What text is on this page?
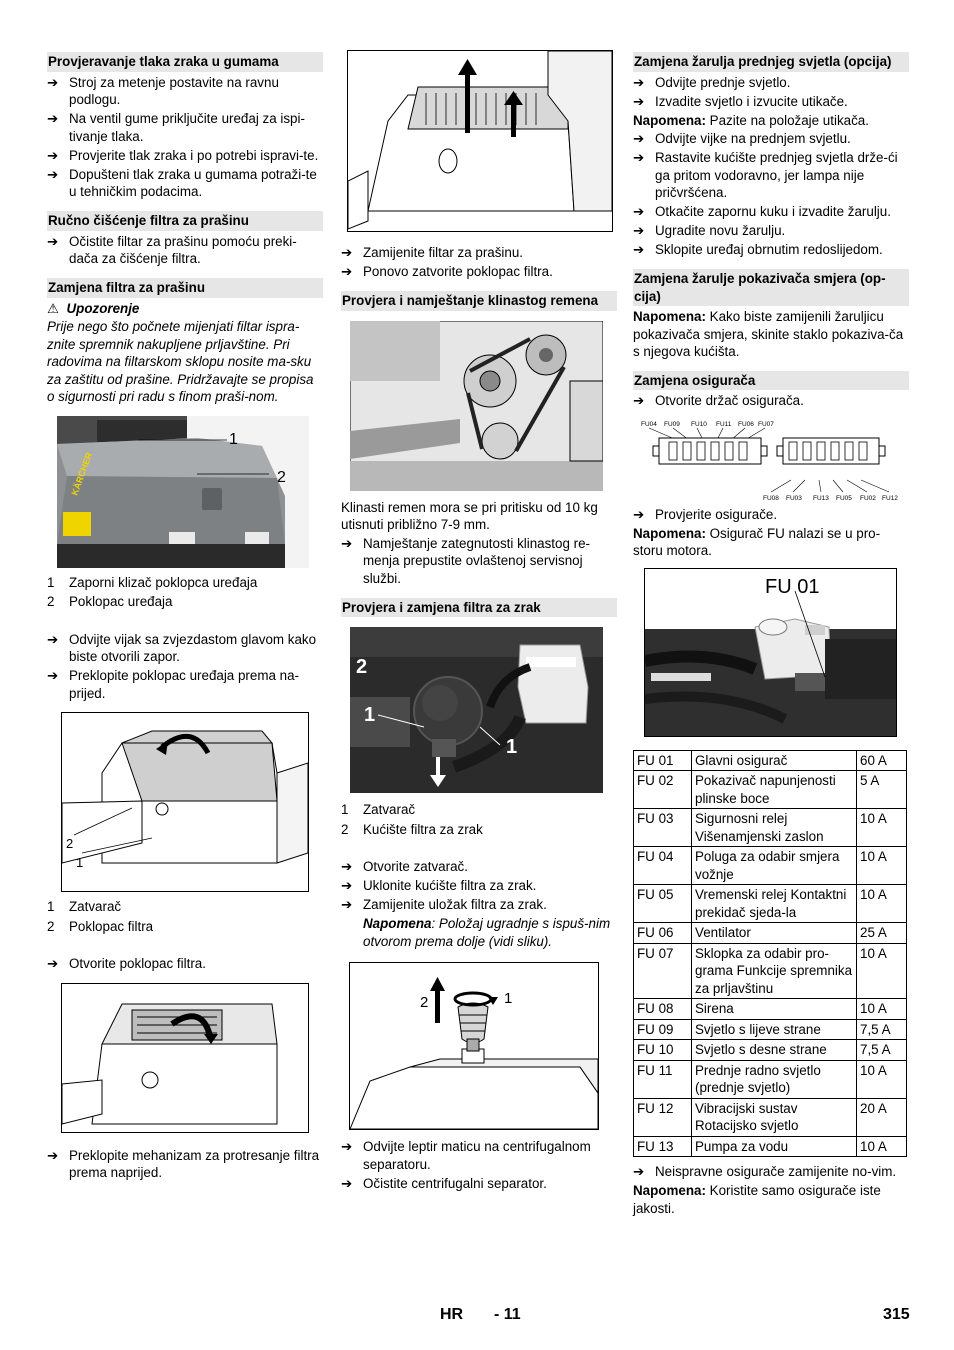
Provjeravanje tlaka zraka u gumama
➔ Stroj za metenje postavite na ravnu podlogu.
➔ Na ventil gume priključite uređaj za ispi-tivanje tlaka.
➔ Provjerite tlak zraka i po potrebi ispravi-te.
➔ Dopušteni tlak zraka u gumama potraži-te u tehničkim podacima.
Ručno čišćenje filtra za prašinu
➔ Očistite filtar za prašinu pomoću preki-dača za čišćenje filtra.
Zamjena filtra za prašinu
⚠ Upozorenje
Prije nego što počnete mijenjati filtar ispra-znite spremnik nakupljene prljavštine. Pri radovima na filtarskom sklopu nosite ma-sku za zaštitu od prašine. Pridržavajte se propisa o sigurnosti pri radu s finom praši-nom.
KÄRCHER
1
2
1 Zaporni klizač poklopca uređaja
2 Poklopac uređaja
➔ Odvijte vijak sa zvjezdastom glavom kako biste otvorili zapor.
➔ Preklopite poklopac uređaja prema na-prijed.
2
1
1 Zatvarač
2 Poklopac filtra
➔ Otvorite poklopac filtra.
➔ Preklopite mehanizam za protresanje filtra prema naprijed.
➔ Zamijenite filtar za prašinu.
➔ Ponovo zatvorite poklopac filtra.
Provjera i namještanje klinastog remena
Klinasti remen mora se pri pritisku od 10 kg utisnuti približno 7-9 mm.
➔ Namještanje zategnutosti klinastog re-menja prepustite ovlaštenoj servisnoj službi.
Provjera i zamjena filtra za zrak
2
1
1
1 Zatvarač
2 Kućište filtra za zrak
➔ Otvorite zatvarač.
➔ Uklonite kućište filtra za zrak.
➔ Zamijenite uložak filtra za zrak.
Napomena: Položaj ugradnje s ispuš-nim otvorom prema dolje (vidi sliku).
2	1
➔ Odvijte leptir maticu na centrifugalnom separatoru.
➔ Očistite centrifugalni separator.
Zamjena žarulja prednjeg svjetla (opcija)
➔ Odvijte prednje svjetlo.
➔ Izvadite svjetlo i izvucite utikače.
Napomena: Pazite na položaje utikača.
➔ Odvijte vijke na prednjem svjetlu.
➔ Rastavite kućište prednjeg svjetla drže-ći ga pritom vodoravno, jer lampa nije pričvršćena.
➔ Otkačite zapornu kuku i izvadite žarulju.
➔ Ugradite novu žarulju.
➔ Sklopite uređaj obrnutim redoslijedom.
Zamjena žarulje pokazivača smjera (op-cija)
Napomena: Kako biste zamijenili žaruljicu pokazivača smjera, skinite staklo pokaziva-ča s njegova kućišta.
Zamjena osigurača
➔ Otvorite držač osigurača.
FU04 FU09 FU10 FU11 FU06 FU07
FU08 FU03 FU13 FU05 FU02 FU12
➔ Provjerite osigurače.
Napomena: Osigurač FU nalazi se u pro-storu motora.
FU 01
FU 01	Glavni osigurač	60 A
FU 02	Pokazivač napunjenosti plinske boce	5 A
FU 03	Sigurnosni relej Višenamjenski zaslon	10 A
FU 04	Poluga za odabir smjera vožnje	10 A
FU 05	Vremenski relej Kontaktni prekidač sjeda-la	10 A
FU 06	Ventilator	25 A
FU 07	Sklopka za odabir pro-grama Funkcije spremnika za prljavštinu	10 A
FU 08	Sirena	10 A
FU 09	Svjetlo s lijeve strane	7,5 A
FU 10	Svjetlo s desne strane	7,5 A
FU 11	Prednje radno svjetlo (prednje svjetlo)	10 A
FU 12	Vibracijski sustav Rotacijsko svjetlo	20 A
FU 13	Pumpa za vodu	10 A
➔ Neispravne osigurače zamijenite no-vim.
Napomena: Koristite samo osigurače iste jakosti.
HR - 11	315
